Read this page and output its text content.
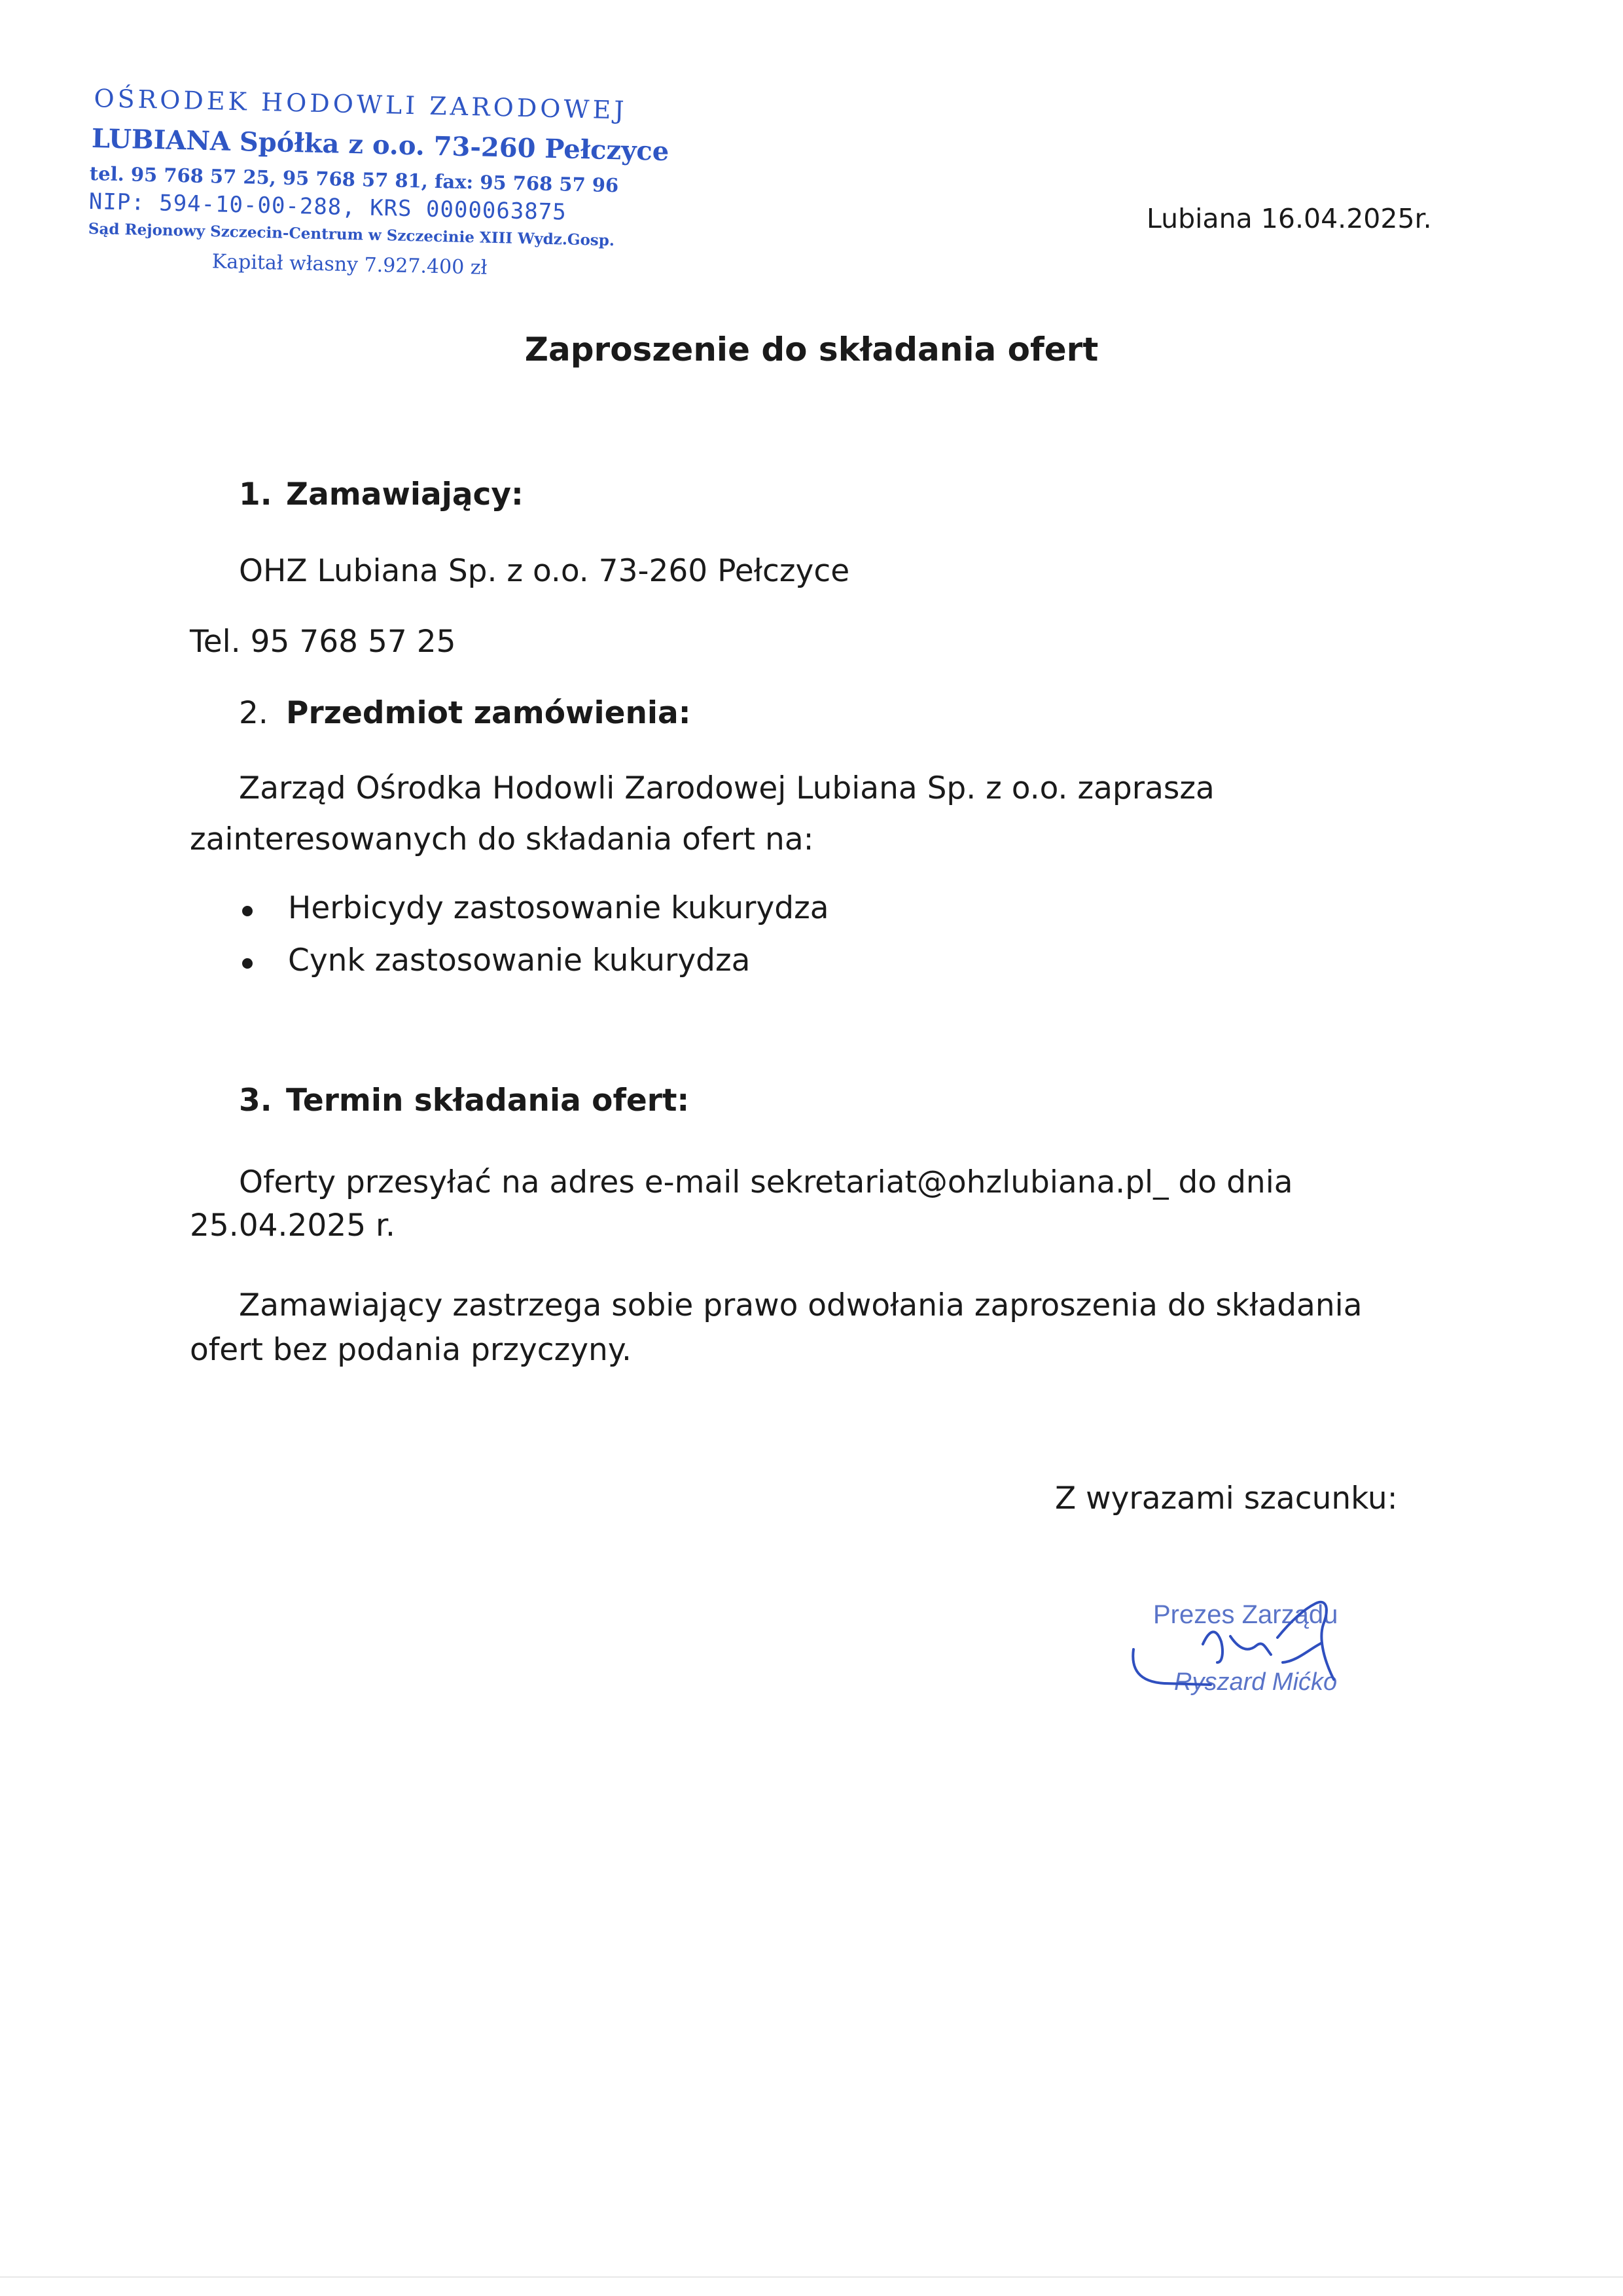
OŚRODEK HODOWLI ZARODOWEJ
LUBIANA Spółka z o.o. 73-260 Pełczyce
tel. 95 768 57 25, 95 768 57 81, fax: 95 768 57 96
NIP: 594-10-00-288, KRS 0000063875
Sąd Rejonowy Szczecin-Centrum w Szczecinie XIII Wydz.Gosp.
Kapitał własny 7.927.400 zł
Lubiana 16.04.2025r.
Zaproszenie do składania ofert
1. Zamawiający:
OHZ Lubiana Sp. z o.o. 73-260 Pełczyce
Tel. 95 768 57 25
2. Przedmiot zamówienia:
Zarząd Ośrodka Hodowli Zarodowej Lubiana Sp. z o.o. zaprasza
zainteresowanych do składania ofert na:
Herbicydy zastosowanie kukurydza
Cynk zastosowanie kukurydza
3. Termin składania ofert:
Oferty przesyłać na adres e-mail sekretariat@ohzlubiana.pl_ do dnia
25.04.2025 r.
Zamawiający zastrzega sobie prawo odwołania zaproszenia do składania
ofert bez podania przyczyny.
Z wyrazami szacunku:
Prezes Zarządu
Ryszard Mićko
